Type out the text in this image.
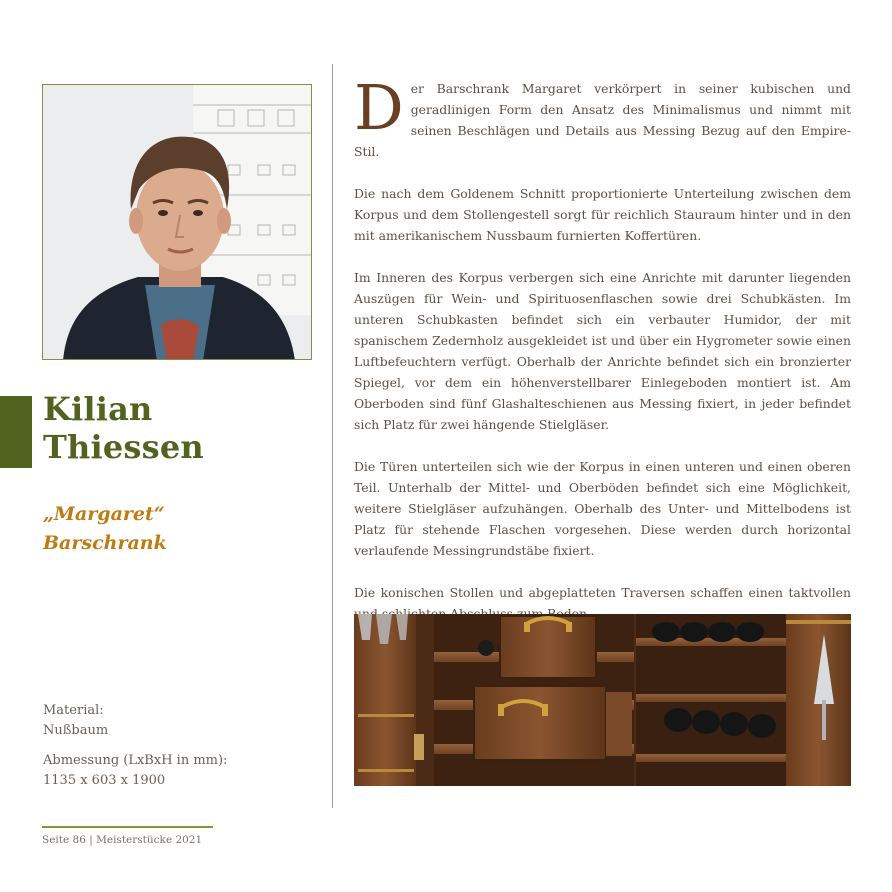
Kilian
Thiessen
„Margaret“
Barschrank
Material:
Nußbaum
Abmessung (LxBxH in mm):
1135 x 603 x 1900
Seite 86 | Meisterstücke 2021

Der Barschrank Margaret verkörpert in seiner kubischen und geradlinigen Form den Ansatz des Minimalismus und nimmt mit seinen Beschlägen und Details aus Messing Bezug auf den Empire-Stil.

Die nach dem Goldenem Schnitt proportionierte Unterteilung zwischen dem Korpus und dem Stollengestell sorgt für reichlich Stauraum hinter und in den mit amerikanischem Nussbaum furnierten Koffertüren.

Im Inneren des Korpus verbergen sich eine Anrichte mit darunter liegenden Auszügen für Wein- und Spirituosenflaschen sowie drei Schubkästen. Im unteren Schubkasten befindet sich ein verbauter Humidor, der mit spanischem Zedernholz ausgekleidet ist und über ein Hygrometer sowie einen Luftbefeuchtern verfügt. Oberhalb der Anrichte befindet sich ein bronzierter Spiegel, vor dem ein höhenverstellbarer Einlegeboden montiert ist. Am Oberboden sind fünf Glashalteschienen aus Messing fixiert, in jeder befindet sich Platz für zwei hängende Stielgläser.

Die Türen unterteilen sich wie der Korpus in einen unteren und einen oberen Teil. Unterhalb der Mittel- und Oberböden befindet sich eine Möglichkeit, weitere Stielgläser aufzuhängen. Oberhalb des Unter- und Mittelbodens ist Platz für stehende Flaschen vorgesehen. Diese werden durch horizontal verlaufende Messingrundstäbe fixiert.

Die konischen Stollen und abgeplatteten Traversen schaffen einen taktvollen
